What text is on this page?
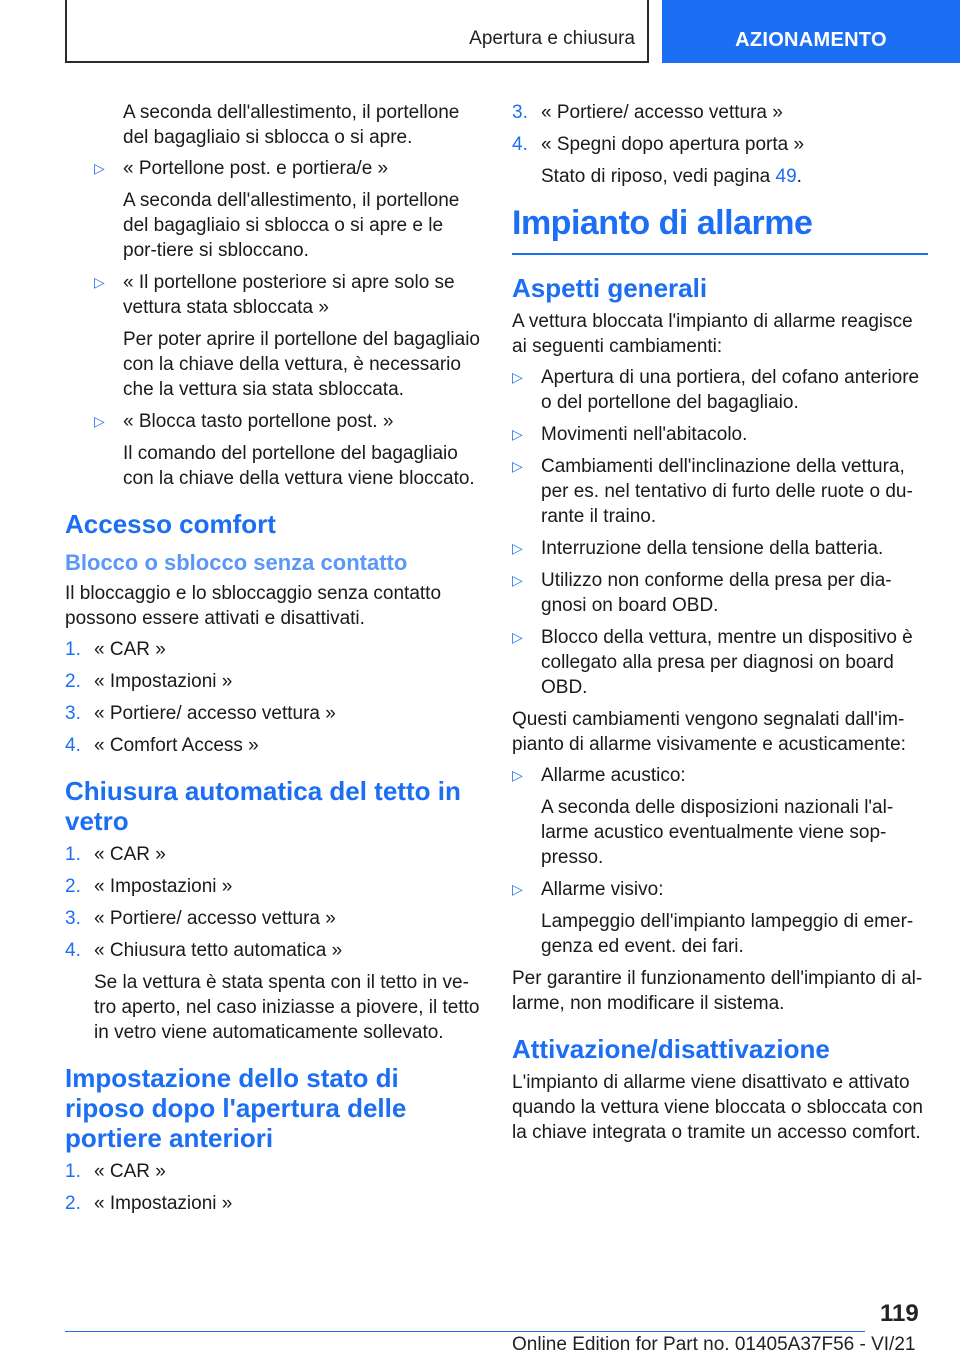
Apertura e chiusura	AZIONAMENTO

A seconda dell'allestimento, il portellone del bagagliaio si sblocca o si apre.

▷ « Portellone post. e portiera/e »

A seconda dell'allestimento, il portellone del bagagliaio si sblocca o si apre e le por-tiere si sbloccano.

▷ « Il portellone posteriore si apre solo se vettura stata sbloccata »

Per poter aprire il portellone del bagagliaio con la chiave della vettura, è necessario che la vettura sia stata sbloccata.

▷ « Blocca tasto portellone post. »

Il comando del portellone del bagagliaio con la chiave della vettura viene bloccato.

Accesso comfort
Blocco o sblocco senza contatto

Il bloccaggio e lo sbloccaggio senza contatto possono essere attivati e disattivati.

1. « CAR »
2. « Impostazioni »
3. « Portiere/ accesso vettura »
4. « Comfort Access »
Chiusura automatica del tetto in vetro
1. « CAR »
2. « Impostazioni »
3. « Portiere/ accesso vettura »
4. « Chiusura tetto automatica »

Se la vettura è stata spenta con il tetto in ve-tro aperto, nel caso iniziasse a piovere, il tetto in vetro viene automaticamente sollevato.

Impostazione dello stato di riposo dopo l'apertura delle portiere anteriori
1. « CAR »
2. « Impostazioni »
3. « Portiere/ accesso vettura »
4. « Spegni dopo apertura porta »

Stato di riposo, vedi pagina 49.

Impianto di allarme
Aspetti generali

A vettura bloccata l'impianto di allarme reagisce ai seguenti cambiamenti:

▷ Apertura di una portiera, del cofano anteriore o del portellone del bagagliaio.
▷ Movimenti nell'abitacolo.
▷ Cambiamenti dell'inclinazione della vettura, per es. nel tentativo di furto delle ruote o du-rante il traino.
▷ Interruzione della tensione della batteria.
▷ Utilizzo non conforme della presa per dia-gnosi on board OBD.
▷ Blocco della vettura, mentre un dispositivo è collegato alla presa per diagnosi on board OBD.

Questi cambiamenti vengono segnalati dall'im-pianto di allarme visivamente e acusticamente:

▷ Allarme acustico:

A seconda delle disposizioni nazionali l'al-larme acustico eventualmente viene sop-presso.

▷ Allarme visivo:

Lampeggio dell'impianto lampeggio di emer-genza ed event. dei fari.

Per garantire il funzionamento dell'impianto di al-larme, non modificare il sistema.

Attivazione/disattivazione

L'impianto di allarme viene disattivato e attivato quando la vettura viene bloccata o sbloccata con la chiave integrata o tramite un accesso comfort.

119
Online Edition for Part no. 01405A37F56 - VI/21
